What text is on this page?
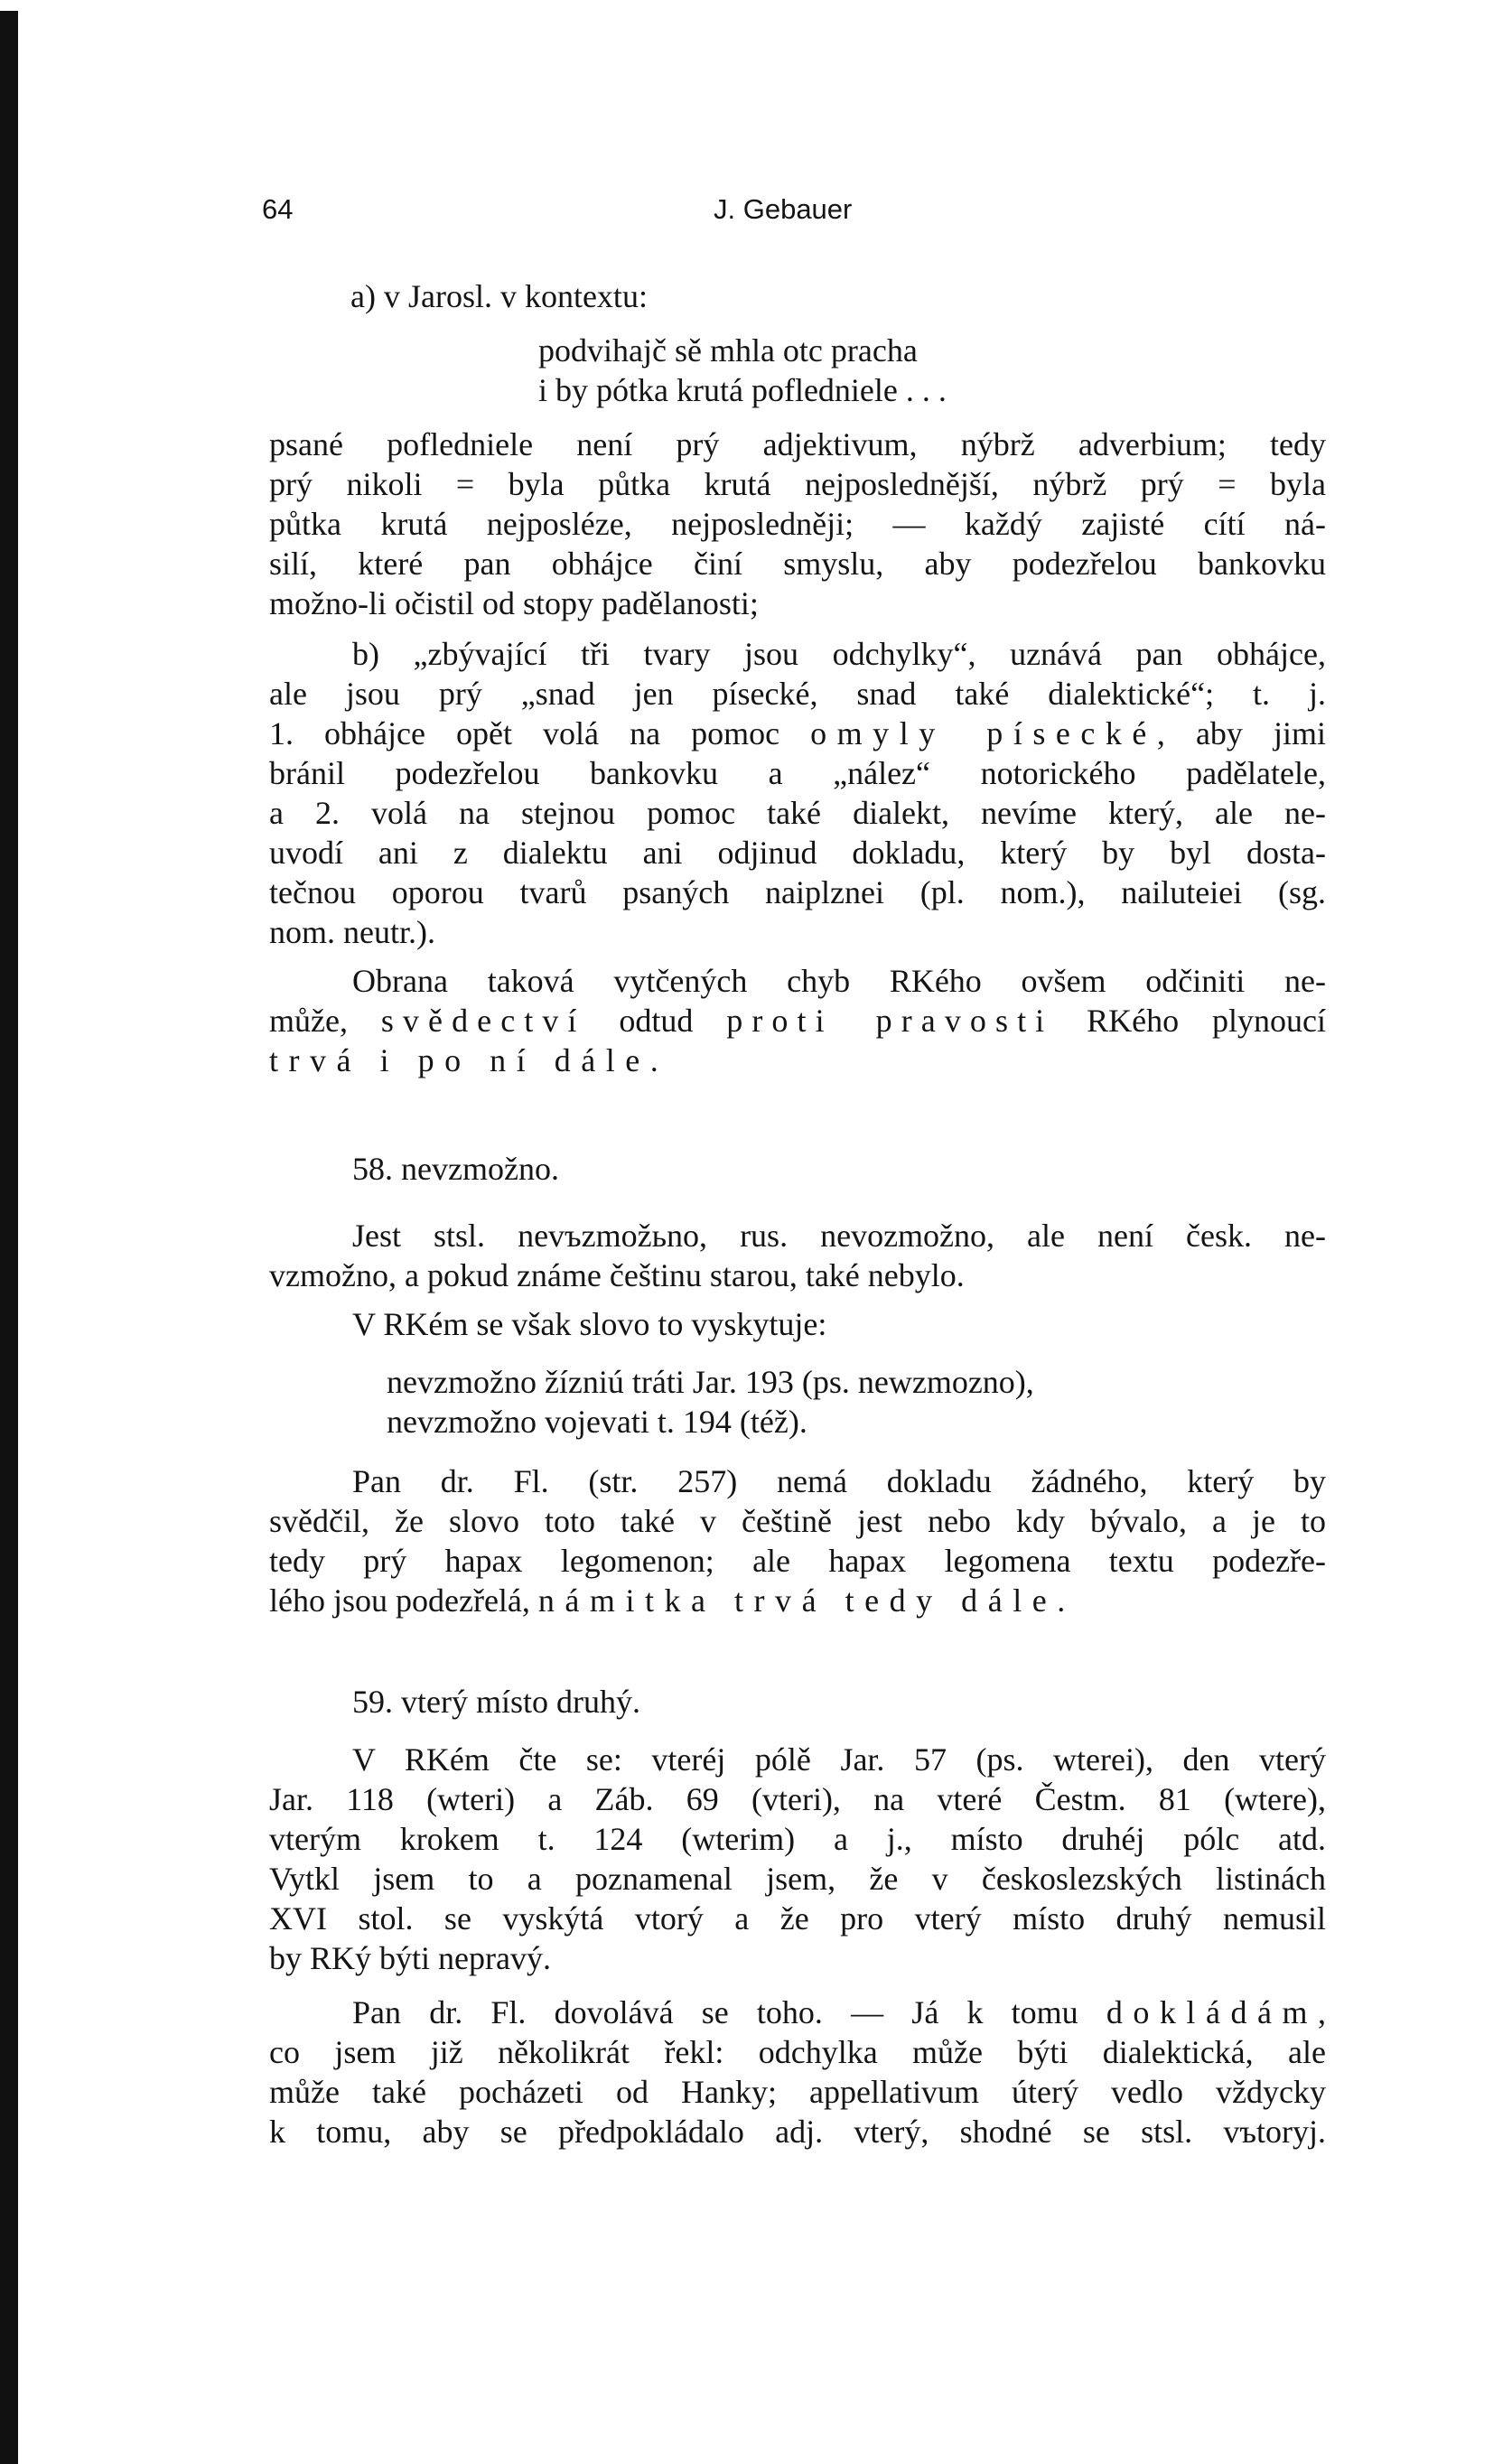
64	J. Gebauer
a) v Jarosl. v kontextu:
podvihajč sě mhla otc pracha
i by pótka krutá pofledniele . . .
psané pofledniele není prý adjektivum, nýbrž adverbium; tedy
prý nikoli = byla půtka krutá nejposlednější, nýbrž prý = byla
půtka krutá nejposléze, nejposledněji; — každý zajisté cítí ná-
silí, které pan obhájce činí smyslu, aby podezřelou bankovku
možno-li očistil od stopy padělanosti;
b) „zbývající tři tvary jsou odchylky“, uznává pan obhájce,
ale jsou prý „snad jen písecké, snad také dialektické“; t. j.
1. obhájce opět volá na pomoc omyly písecké, aby jimi
bránil podezřelou bankovku a „nález“ notorického padělatele,
a 2. volá na stejnou pomoc také dialekt, nevíme který, ale ne-
uvodí ani z dialektu ani odjinud dokladu, který by byl dosta-
tečnou oporou tvarů psaných naiplznei (pl. nom.), nailuteiei (sg.
nom. neutr.).
Obrana taková vytčených chyb RKého ovšem odčiniti ne-
může, svědectví odtud proti pravosti RKého plynoucí
trvá i po ní dále.
58. nevzmožno.
Jest stsl. nevъzmožьno, rus. nevozmožno, ale není česk. ne-
vzmožno, a pokud známe češtinu starou, také nebylo.
V RKém se však slovo to vyskytuje:
nevzmožno žízniú tráti Jar. 193 (ps. newzmozno),
nevzmožno vojevati t. 194 (též).
Pan dr. Fl. (str. 257) nemá dokladu žádného, který by
svědčil, že slovo toto také v češtině jest nebo kdy bývalo, a je to
tedy prý hapax legomenon; ale hapax legomena textu podezře-
lého jsou podezřelá, námitka trvá tedy dále.
59. vterý místo druhý.
V RKém čte se: vteréj pólě Jar. 57 (ps. wterei), den vterý
Jar. 118 (wteri) a Záb. 69 (vteri), na vteré Čestm. 81 (wtere),
vterým krokem t. 124 (wterim) a j., místo druhéj pólc atd.
Vytkl jsem to a poznamenal jsem, že v českoslezských listinách
XVI stol. se vyskýtá vtorý a že pro vterý místo druhý nemusil
by RKý býti nepravý.
Pan dr. Fl. dovolává se toho. — Já k tomu dokládám,
co jsem již několikrát řekl: odchylka může býti dialektická, ale
může také pocházeti od Hanky; appellativum úterý vedlo vždycky
k tomu, aby se předpokládalo adj. vterý, shodné se stsl. vъtoryj.
